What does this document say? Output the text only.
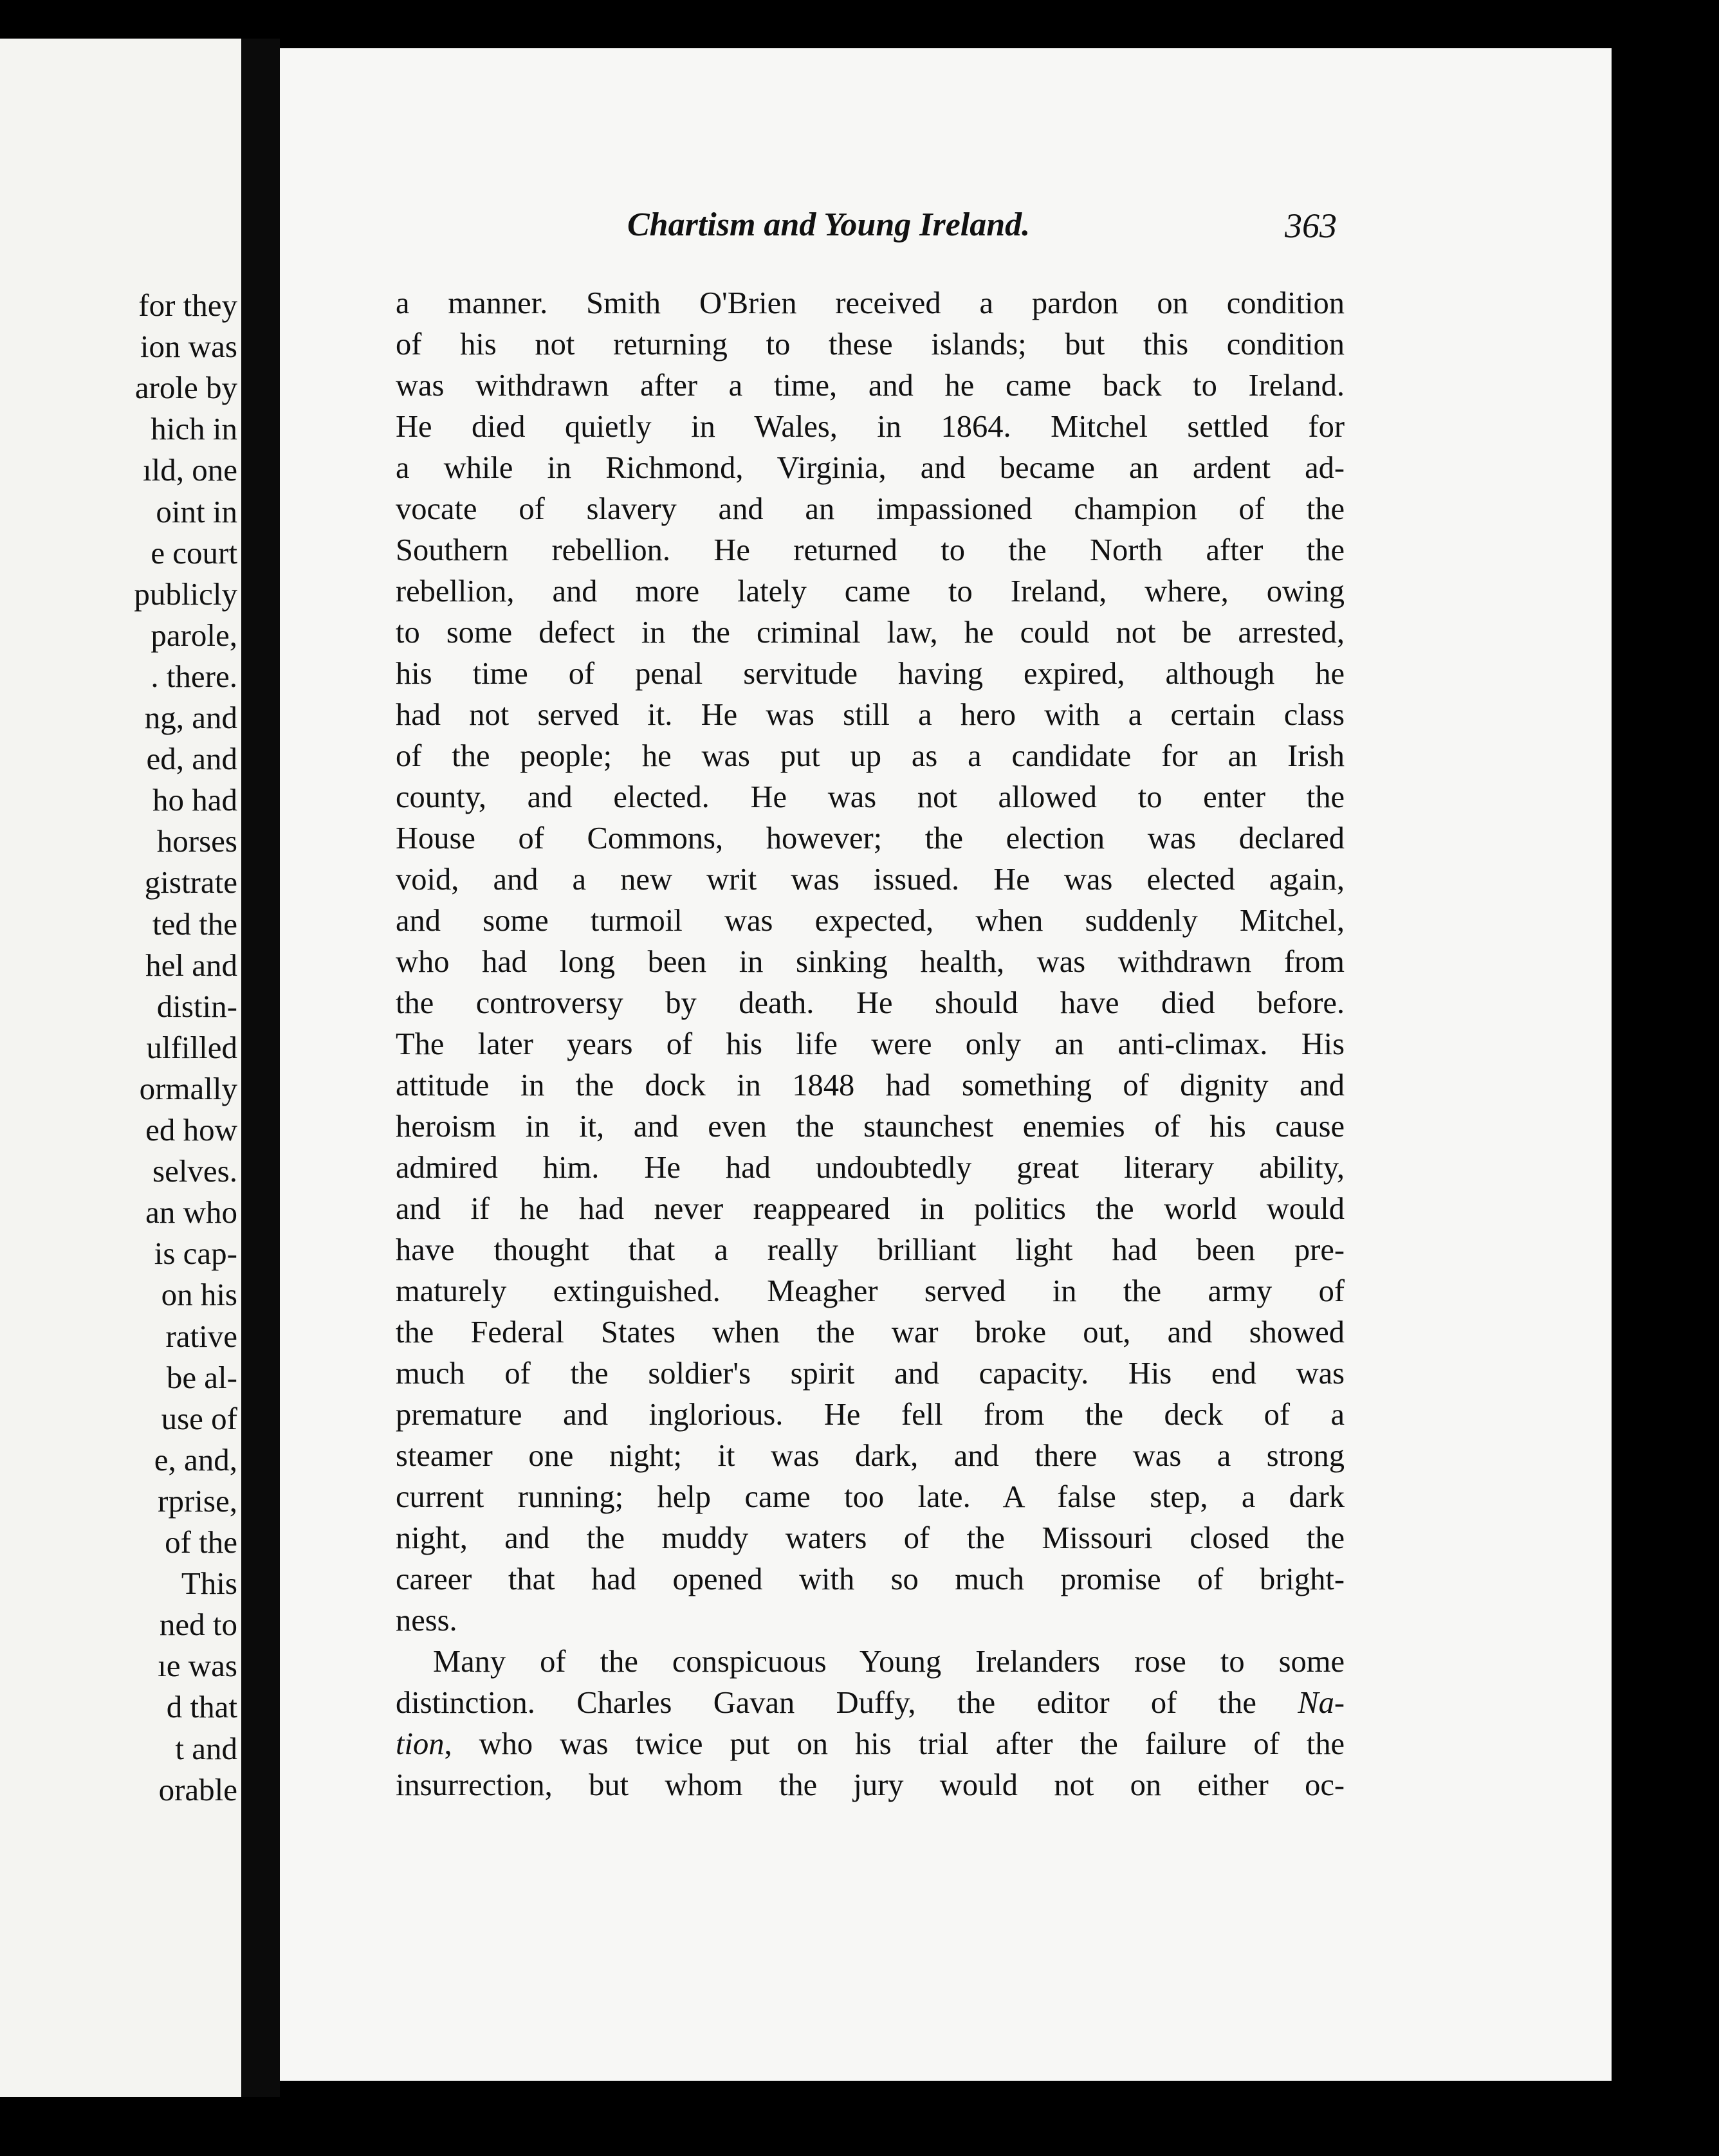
for they

ion was

arole by

hich in

ıld, one

oint in

e court

publicly

parole,

. there.

ng, and

ed, and

ho had

horses

gistrate

ted the

hel and

distin-

ulfilled

ormally

ed how

selves.

an who

is cap-

on his

rative

be al-

use of

e, and,

rprise,

of the

This

ned to

ıe was

d that

t and

orable

Chartism and Young Ireland.	363

a manner. Smith O'Brien received a pardon on condition
of his not returning to these islands; but this condition
was withdrawn after a time, and he came back to Ireland.
He died quietly in Wales, in 1864. Mitchel settled for
a while in Richmond, Virginia, and became an ardent ad-
vocate of slavery and an impassioned champion of the
Southern rebellion. He returned to the North after the
rebellion, and more lately came to Ireland, where, owing
to some defect in the criminal law, he could not be arrested,
his time of penal servitude having expired, although he
had not served it. He was still a hero with a certain class
of the people; he was put up as a candidate for an Irish
county, and elected. He was not allowed to enter the
House of Commons, however; the election was declared
void, and a new writ was issued. He was elected again,
and some turmoil was expected, when suddenly Mitchel,
who had long been in sinking health, was withdrawn from
the controversy by death. He should have died before.
The later years of his life were only an anti-climax. His
attitude in the dock in 1848 had something of dignity and
heroism in it, and even the staunchest enemies of his cause
admired him. He had undoubtedly great literary ability,
and if he had never reappeared in politics the world would
have thought that a really brilliant light had been pre-
maturely extinguished. Meagher served in the army of
the Federal States when the war broke out, and showed
much of the soldier's spirit and capacity. His end was
premature and inglorious. He fell from the deck of a
steamer one night; it was dark, and there was a strong
current running; help came too late. A false step, a dark
night, and the muddy waters of the Missouri closed the
career that had opened with so much promise of bright-
ness.
Many of the conspicuous Young Irelanders rose to some
distinction. Charles Gavan Duffy, the editor of the Na-
tion, who was twice put on his trial after the failure of the
insurrection, but whom the jury would not on either oc-
